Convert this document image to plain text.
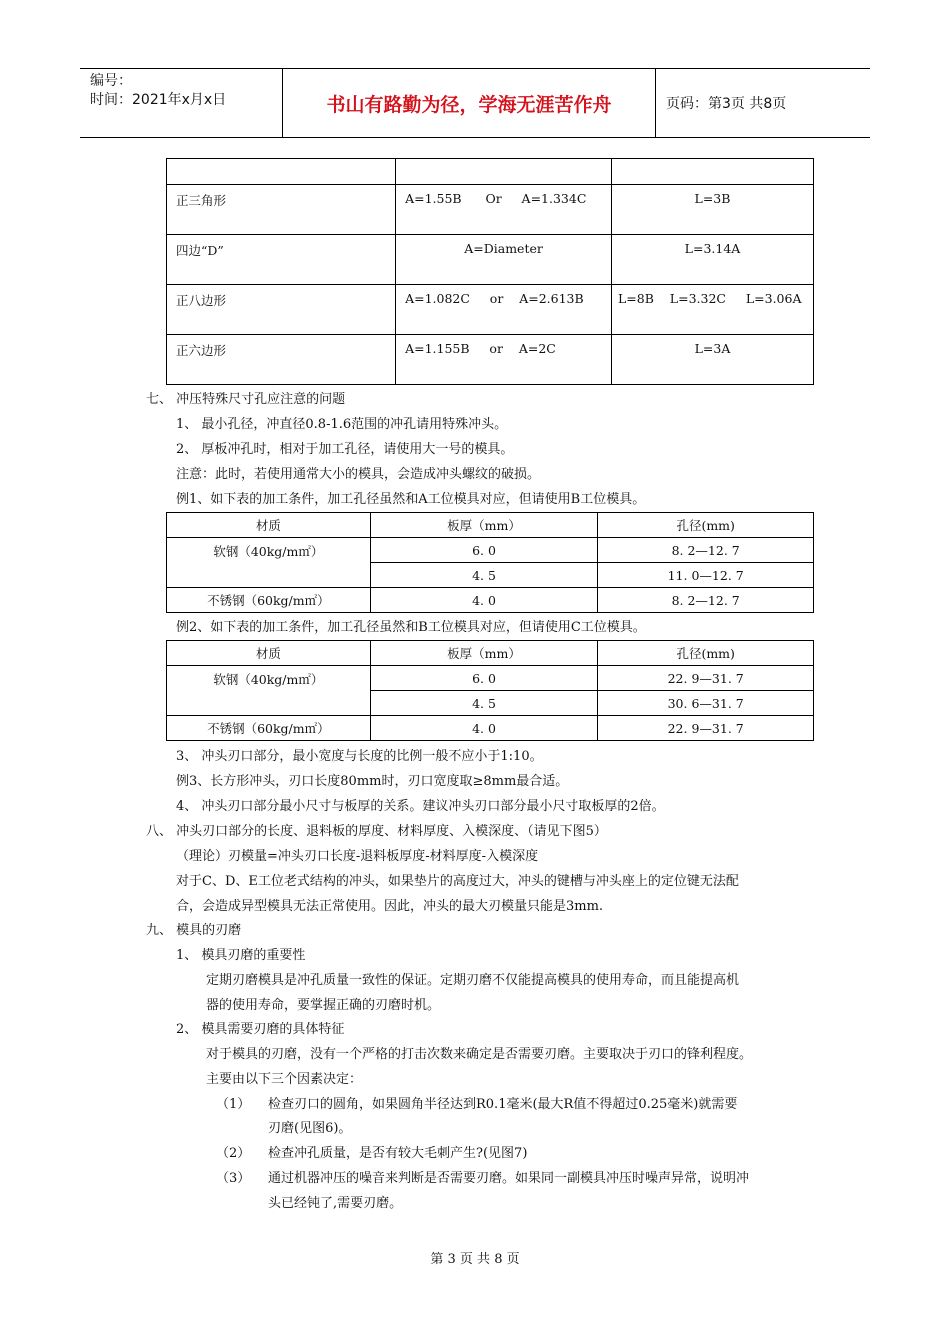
编号：
时间：2021年x月x日	书山有路勤为径，学海无涯苦作舟	页码：第3页 共8页

正三角形	A=1.55B      Or     A=1.334C	L=3B
四边“D”	A=Diameter	L=3.14A
正八边形	A=1.082C     or    A=2.613B	L=8B    L=3.32C     L=3.06A
正六边形	A=1.155B     or    A=2C	L=3A
七、 冲压特殊尺寸孔应注意的问题
1、 最小孔径，冲直径0.8-1.6范围的冲孔请用特殊冲头。
2、 厚板冲孔时，相对于加工孔径，请使用大一号的模具。
注意：此时，若使用通常大小的模具，会造成冲头螺纹的破损。
例1、如下表的加工条件，加工孔径虽然和A工位模具对应，但请使用B工位模具。
材质	板厚（mm）	孔径(mm)
软钢（40kg/m㎡）	6. 0	8. 2—12. 7
	4. 5	11. 0—12. 7
不锈钢（60kg/m㎡）	4. 0	8. 2—12. 7
例2、如下表的加工条件，加工孔径虽然和B工位模具对应，但请使用C工位模具。
材质	板厚（mm）	孔径(mm)
软钢（40kg/m㎡）	6. 0	22. 9—31. 7
	4. 5	30. 6—31. 7
不锈钢（60kg/m㎡）	4. 0	22. 9—31. 7
3、 冲头刃口部分，最小宽度与长度的比例一般不应小于1:10。
例3、长方形冲头，刃口长度80mm时，刃口宽度取≥8mm最合适。
4、 冲头刃口部分最小尺寸与板厚的关系。建议冲头刃口部分最小尺寸取板厚的2倍。
八、 冲头刃口部分的长度、退料板的厚度、材料厚度、入模深度、（请见下图5）
（理论）刃模量=冲头刃口长度-退料板厚度-材料厚度-入模深度
对于C、D、E工位老式结构的冲头，如果垫片的高度过大，冲头的键槽与冲头座上的定位键无法配
合，会造成异型模具无法正常使用。因此，冲头的最大刃模量只能是3mm.
九、 模具的刃磨
1、 模具刃磨的重要性
定期刃磨模具是冲孔质量一致性的保证。定期刃磨不仅能提高模具的使用寿命，而且能提高机
器的使用寿命，要掌握正确的刃磨时机。
2、 模具需要刃磨的具体特征
对于模具的刃磨，没有一个严格的打击次数来确定是否需要刃磨。主要取决于刃口的锋利程度。
主要由以下三个因素决定：
（1） 检查刃口的圆角，如果圆角半径达到R0.1毫米(最大R值不得超过0.25毫米)就需要
刃磨(见图6)。
（2） 检查冲孔质量，是否有较大毛刺产生?(见图7)
（3） 通过机器冲压的噪音来判断是否需要刃磨。如果同一副模具冲压时噪声异常，说明冲
头已经钝了,需要刃磨。
第 3 页 共 8 页
